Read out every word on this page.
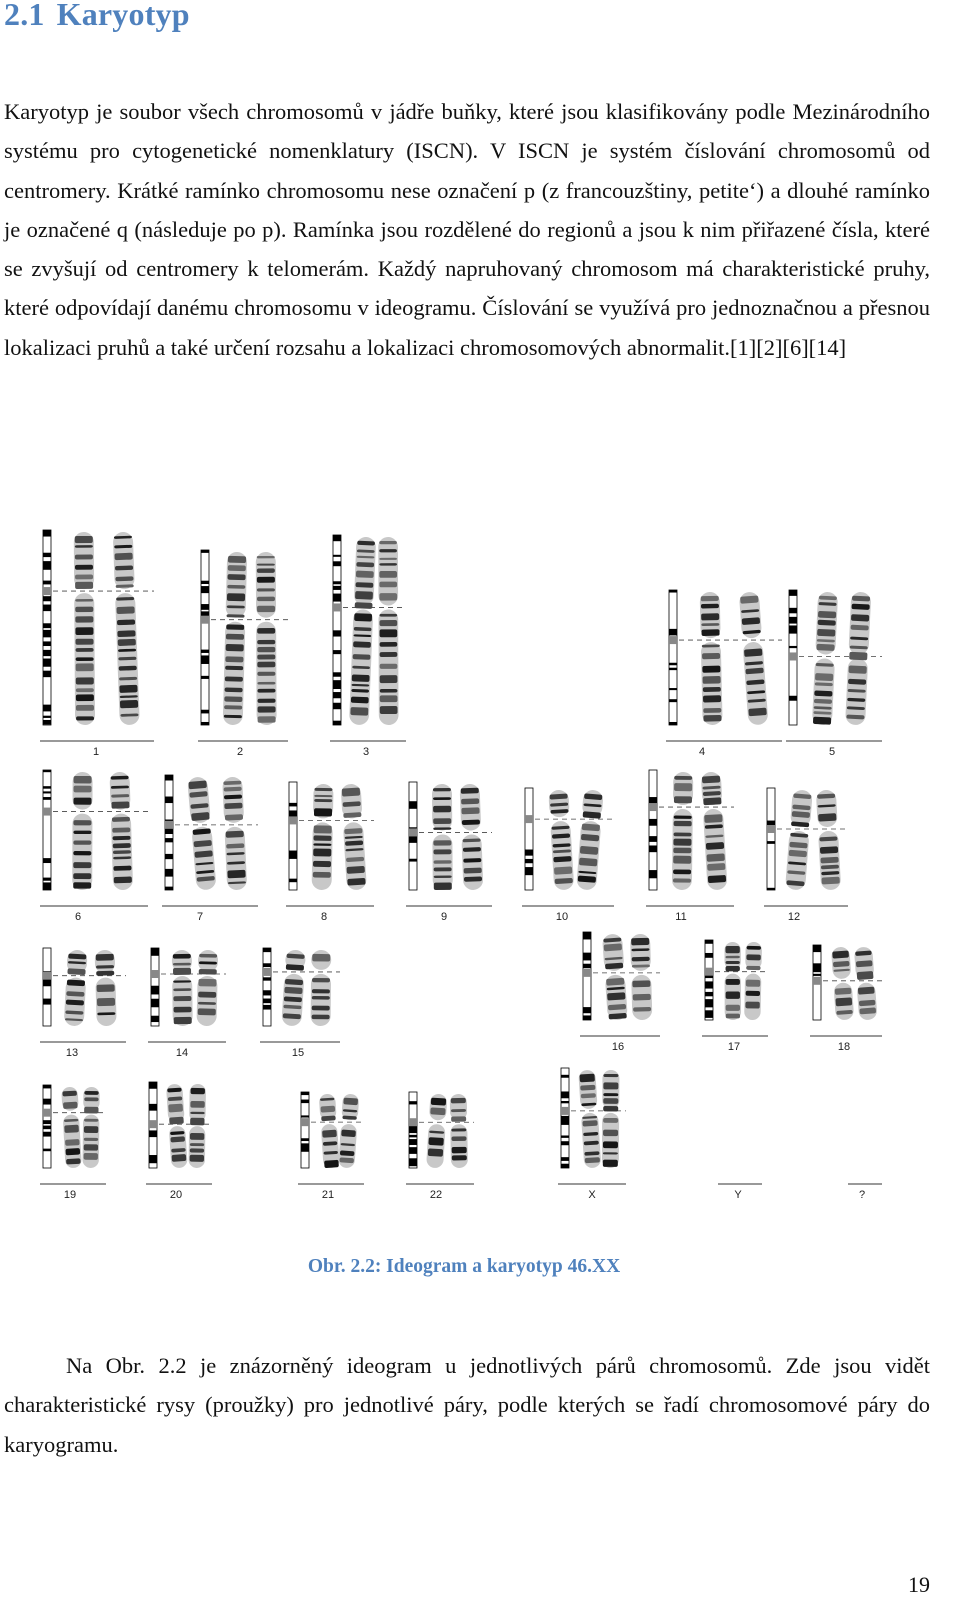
2.1 Karyotyp

Karyotyp je soubor všech chromosomů v jádře buňky, které jsou klasifikovány podle Mezinárodního systému pro cytogenetické nomenklatury (ISCN). V ISCN je systém číslování chromosomů od centromery. Krátké ramínko chromosomu nese označení p (z francouzštiny, petite‘) a dlouhé ramínko je označené q (následuje po p). Ramínka jsou rozdělené do regionů a jsou k nim přiřazené čísla, které se zvyšují od centromery k telomerám. Každý napruhovaný chromosom má charakteristické pruhy, které odpovídají danému chromosomu v ideogramu. Číslování se využívá pro jednoznačnou a přesnou lokalizaci pruhů a také určení rozsahu a lokalizaci chromosomových abnormalit.[1][2][6][14]

1	2	3	4	5
6	7	8	9	10	11	12
13	14	15	16	17	18
19	20	21	22	X	Y	?

Obr. 2.2: Ideogram a karyotyp 46.XX

Na Obr. 2.2 je znázorněný ideogram u jednotlivých párů chromosomů. Zde jsou vidět charakteristické rysy (proužky) pro jednotlivé páry, podle kterých se řadí chromosomové páry do karyogramu.

19
